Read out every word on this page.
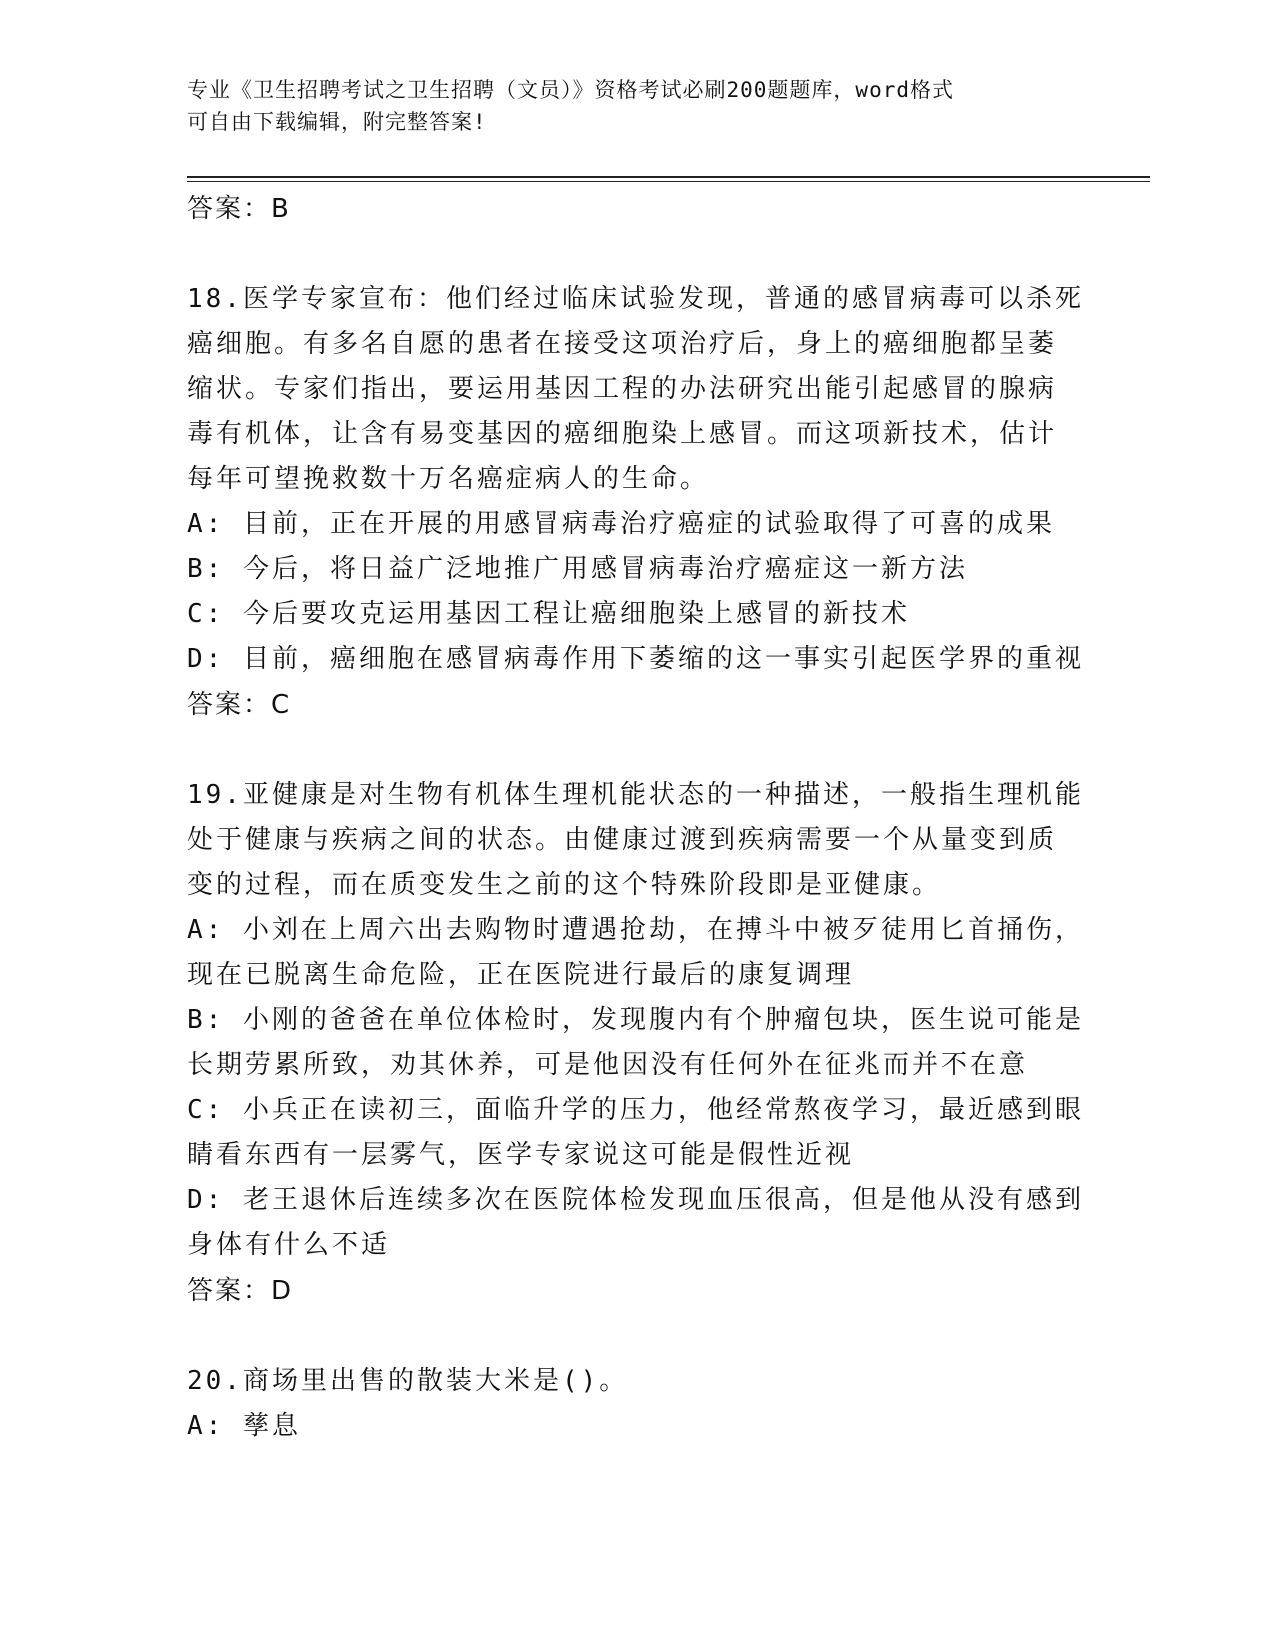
专业《卫生招聘考试之卫生招聘（文员）》资格考试必刷200题题库，word格式
可自由下载编辑，附完整答案!
答案：B
18.医学专家宣布：他们经过临床试验发现，普通的感冒病毒可以杀死
癌细胞。有多名自愿的患者在接受这项治疗后，身上的癌细胞都呈萎
缩状。专家们指出，要运用基因工程的办法研究出能引起感冒的腺病
毒有机体，让含有易变基因的癌细胞染上感冒。而这项新技术，估计
每年可望挽救数十万名癌症病人的生命。
A: 目前，正在开展的用感冒病毒治疗癌症的试验取得了可喜的成果
B: 今后，将日益广泛地推广用感冒病毒治疗癌症这一新方法
C: 今后要攻克运用基因工程让癌细胞染上感冒的新技术
D: 目前，癌细胞在感冒病毒作用下萎缩的这一事实引起医学界的重视
答案：C
19.亚健康是对生物有机体生理机能状态的一种描述，一般指生理机能
处于健康与疾病之间的状态。由健康过渡到疾病需要一个从量变到质
变的过程，而在质变发生之前的这个特殊阶段即是亚健康。
A: 小刘在上周六出去购物时遭遇抢劫，在搏斗中被歹徒用匕首捅伤，
现在已脱离生命危险，正在医院进行最后的康复调理
B: 小刚的爸爸在单位体检时，发现腹内有个肿瘤包块，医生说可能是
长期劳累所致，劝其休养，可是他因没有任何外在征兆而并不在意
C: 小兵正在读初三，面临升学的压力，他经常熬夜学习，最近感到眼
睛看东西有一层雾气，医学专家说这可能是假性近视
D: 老王退休后连续多次在医院体检发现血压很高，但是他从没有感到
身体有什么不适
答案：D
20.商场里出售的散装大米是()。
A: 孳息
